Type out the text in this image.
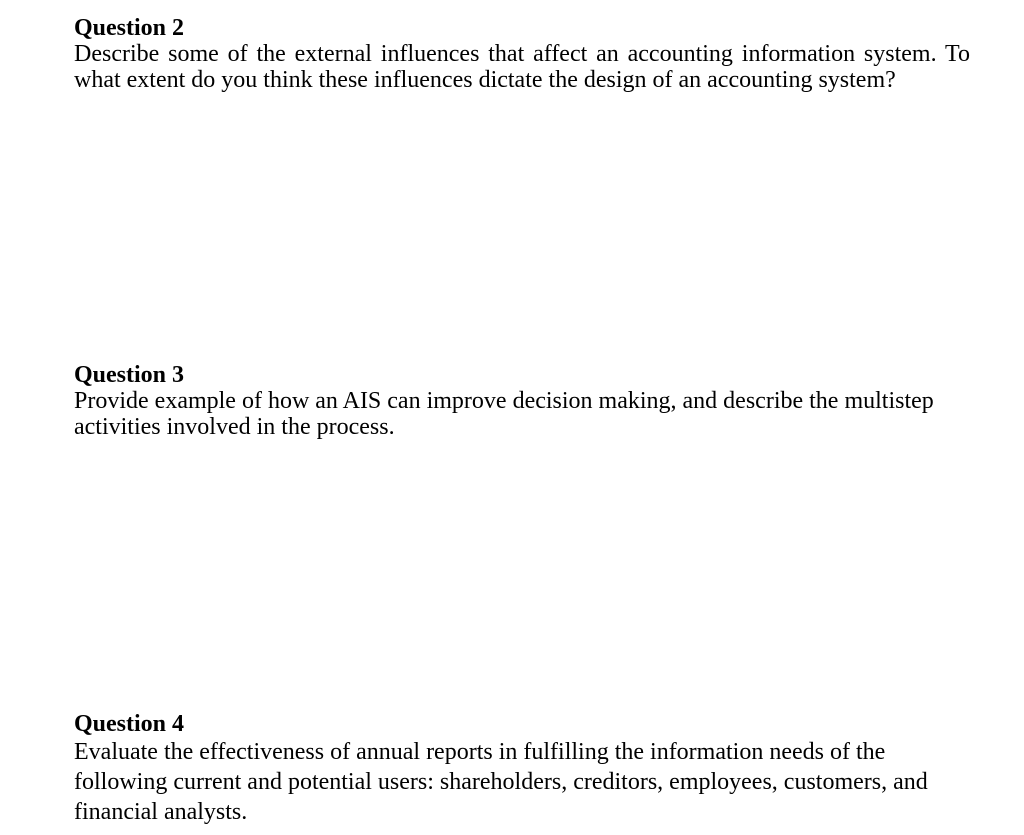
Question 2

Describe some of the external influences that affect an accounting information system. To what extent do you think these influences dictate the design of an accounting system?

Question 3

Provide example of how an AIS can improve decision making, and describe the multistep activities involved in the process.

Question 4

Evaluate the effectiveness of annual reports in fulfilling the information needs of the following current and potential users: shareholders, creditors, employees, customers, and financial analysts.
